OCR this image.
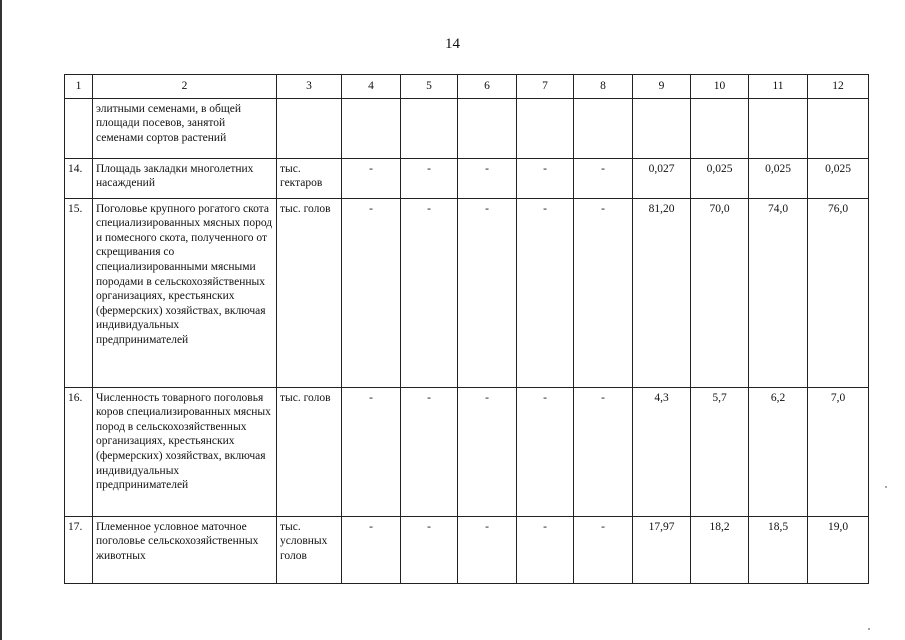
14
1	2	3	4	5	6	7	8	9	10	11	12
	элитными семенами, в общей площади посевов, занятой семенами сортов растений										
14.	Площадь закладки многолетних насаждений	тыс. гектаров	-	-	-	-	-	0,027	0,025	0,025	0,025
15.	Поголовье крупного рогатого скота специализированных мясных пород и помесного скота, полученного от скрещивания со специализированными мясными породами в сельскохозяйственных организациях, крестьянских (фермерских) хозяйствах, включая индивидуальных предпринимателей	тыс. голов	-	-	-	-	-	81,20	70,0	74,0	76,0
16.	Численность товарного поголовья коров специализированных мясных пород в сельскохозяйственных организациях, крестьянских (фермерских) хозяйствах, включая индивидуальных предпринимателей	тыс. голов	-	-	-	-	-	4,3	5,7	6,2	7,0
17.	Племенное условное маточное поголовье сельскохозяйственных животных	тыс. условных голов	-	-	-	-	-	17,97	18,2	18,5	19,0
